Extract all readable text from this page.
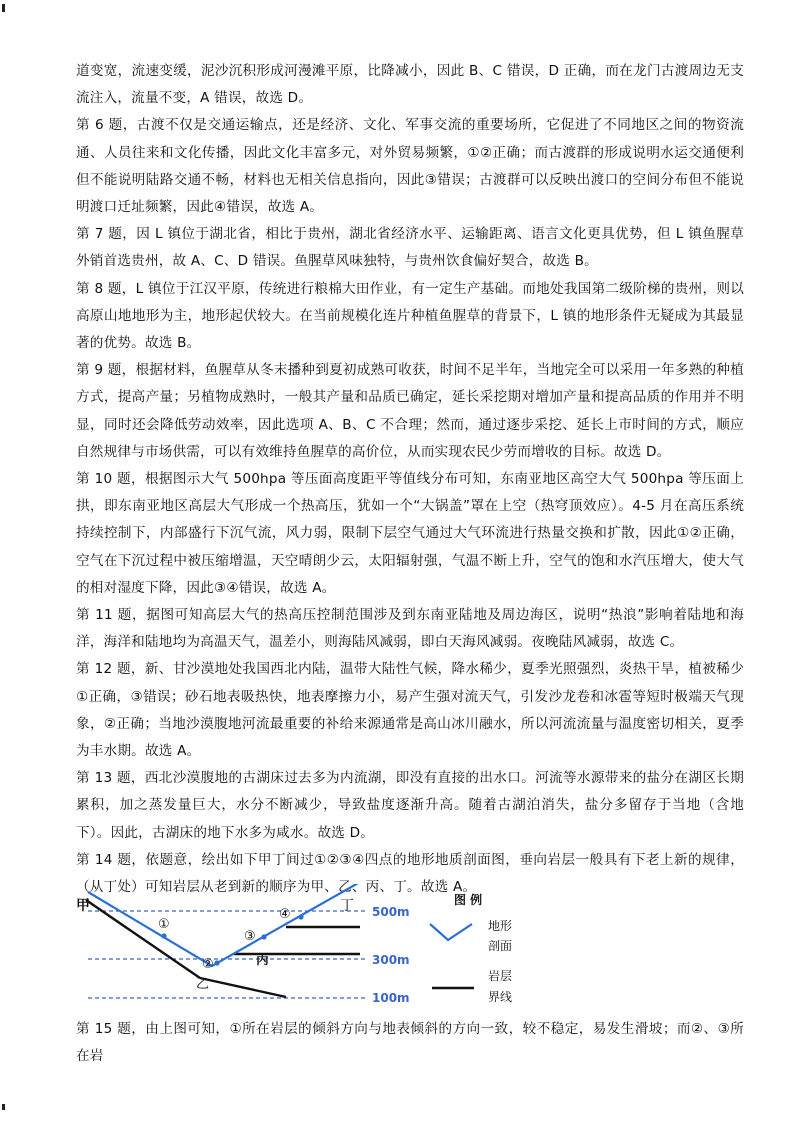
道变宽，流速变缓，泥沙沉积形成河漫滩平原，比降减小，因此 B、C 错误，D 正确，而在龙门古渡周边无支流注入，流量不变，A 错误，故选 D。

第 6 题，古渡不仅是交通运输点，还是经济、文化、军事交流的重要场所，它促进了不同地区之间的物资流通、人员往来和文化传播，因此文化丰富多元，对外贸易频繁，①②正确；而古渡群的形成说明水运交通便利但不能说明陆路交通不畅，材料也无相关信息指向，因此③错误；古渡群可以反映出渡口的空间分布但不能说明渡口迁址频繁，因此④错误，故选 A。

第 7 题，因 L 镇位于湖北省，相比于贵州，湖北省经济水平、运输距离、语言文化更具优势，但 L 镇鱼腥草外销首选贵州，故 A、C、D 错误。鱼腥草风味独特，与贵州饮食偏好契合，故选 B。

第 8 题，L 镇位于江汉平原，传统进行粮棉大田作业，有一定生产基础。而地处我国第二级阶梯的贵州，则以高原山地地形为主，地形起伏较大。在当前规模化连片种植鱼腥草的背景下，L 镇的地形条件无疑成为其最显著的优势。故选 B。

第 9 题，根据材料，鱼腥草从冬末播种到夏初成熟可收获，时间不足半年，当地完全可以采用一年多熟的种植方式，提高产量；另植物成熟时，一般其产量和品质已确定，延长采挖期对增加产量和提高品质的作用并不明显，同时还会降低劳动效率，因此选项 A、B、C 不合理；然而，通过逐步采挖、延长上市时间的方式，顺应自然规律与市场供需，可以有效维持鱼腥草的高价位，从而实现农民少劳而增收的目标。故选 D。

第 10 题，根据图示大气 500hpa 等压面高度距平等值线分布可知，东南亚地区高空大气 500hpa 等压面上拱，即东南亚地区高层大气形成一个热高压，犹如一个“大锅盖”罩在上空（热穹顶效应）。4-5 月在高压系统持续控制下，内部盛行下沉气流，风力弱，限制下层空气通过大气环流进行热量交换和扩散，因此①②正确，空气在下沉过程中被压缩增温，天空晴朗少云，太阳辐射强，气温不断上升，空气的饱和水汽压增大，使大气的相对湿度下降，因此③④错误，故选 A。

第 11 题，据图可知高层大气的热高压控制范围涉及到东南亚陆地及周边海区，说明“热浪”影响着陆地和海洋，海洋和陆地均为高温天气，温差小，则海陆风减弱，即白天海风减弱。夜晚陆风减弱，故选 C。

第 12 题，新、甘沙漠地处我国西北内陆，温带大陆性气候，降水稀少，夏季光照强烈，炎热干旱，植被稀少①正确，③错误；砂石地表吸热快，地表摩擦力小，易产生强对流天气，引发沙龙卷和冰雹等短时极端天气现象，②正确；当地沙漠腹地河流最重要的补给来源通常是高山冰川融水，所以河流流量与温度密切相关，夏季为丰水期。故选 A。

第 13 题，西北沙漠腹地的古湖床过去多为内流湖，即没有直接的出水口。河流等水源带来的盐分在湖区长期累积，加之蒸发量巨大，水分不断减少，导致盐度逐渐升高。随着古湖泊消失，盐分多留存于当地（含地下）。因此，古湖床的地下水多为咸水。故选 D。

第 14 题，依题意，绘出如下甲丁间过①②③④四点的地形地质剖面图，垂向岩层一般具有下老上新的规律，（从丁处）可知岩层从老到新的顺序为甲、乙、丙、丁。故选 A。

甲
乙
丙
丁
①
②
③
④	500m
300m
100m
图 例
地形
剖面
岩层
界线

第 15 题，由上图可知，①所在岩层的倾斜方向与地表倾斜的方向一致，较不稳定，易发生滑坡；而②、③所在岩
